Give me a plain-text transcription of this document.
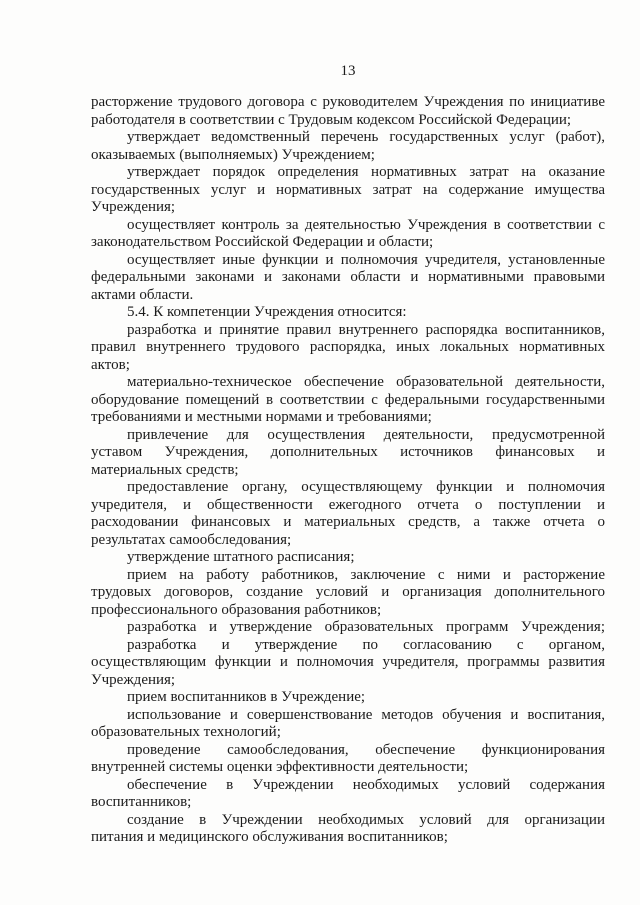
13
расторжение трудового договора с руководителем Учреждения по инициативе
работодателя в соответствии с Трудовым кодексом Российской Федерации;
утверждает ведомственный перечень государственных услуг (работ),
оказываемых (выполняемых) Учреждением;
утверждает порядок определения нормативных затрат на оказание
государственных услуг и нормативных затрат на содержание имущества
Учреждения;
осуществляет контроль за деятельностью Учреждения в соответствии с
законодательством Российской Федерации и области;
осуществляет иные функции и полномочия учредителя, установленные
федеральными законами и законами области и нормативными правовыми
актами области.
5.4. К компетенции Учреждения относится:
разработка и принятие правил внутреннего распорядка воспитанников,
правил внутреннего трудового распорядка, иных локальных нормативных
актов;
материально-техническое обеспечение образовательной деятельности,
оборудование помещений в соответствии с федеральными государственными
требованиями и местными нормами и требованиями;
привлечение для осуществления деятельности, предусмотренной
уставом Учреждения, дополнительных источников финансовых и
материальных средств;
предоставление органу, осуществляющему функции и полномочия
учредителя, и общественности ежегодного отчета о поступлении и
расходовании финансовых и материальных средств, а также отчета о
результатах самообследования;
утверждение штатного расписания;
прием на работу работников, заключение с ними и расторжение
трудовых договоров, создание условий и организация дополнительного
профессионального образования работников;
разработка и утверждение образовательных программ Учреждения;
разработка и утверждение по согласованию с органом,
осуществляющим функции и полномочия учредителя, программы развития
Учреждения;
прием воспитанников в Учреждение;
использование и совершенствование методов обучения и воспитания,
образовательных технологий;
проведение самообследования, обеспечение функционирования
внутренней системы оценки эффективности деятельности;
обеспечение в Учреждении необходимых условий содержания
воспитанников;
создание в Учреждении необходимых условий для организации
питания и медицинского обслуживания воспитанников;
